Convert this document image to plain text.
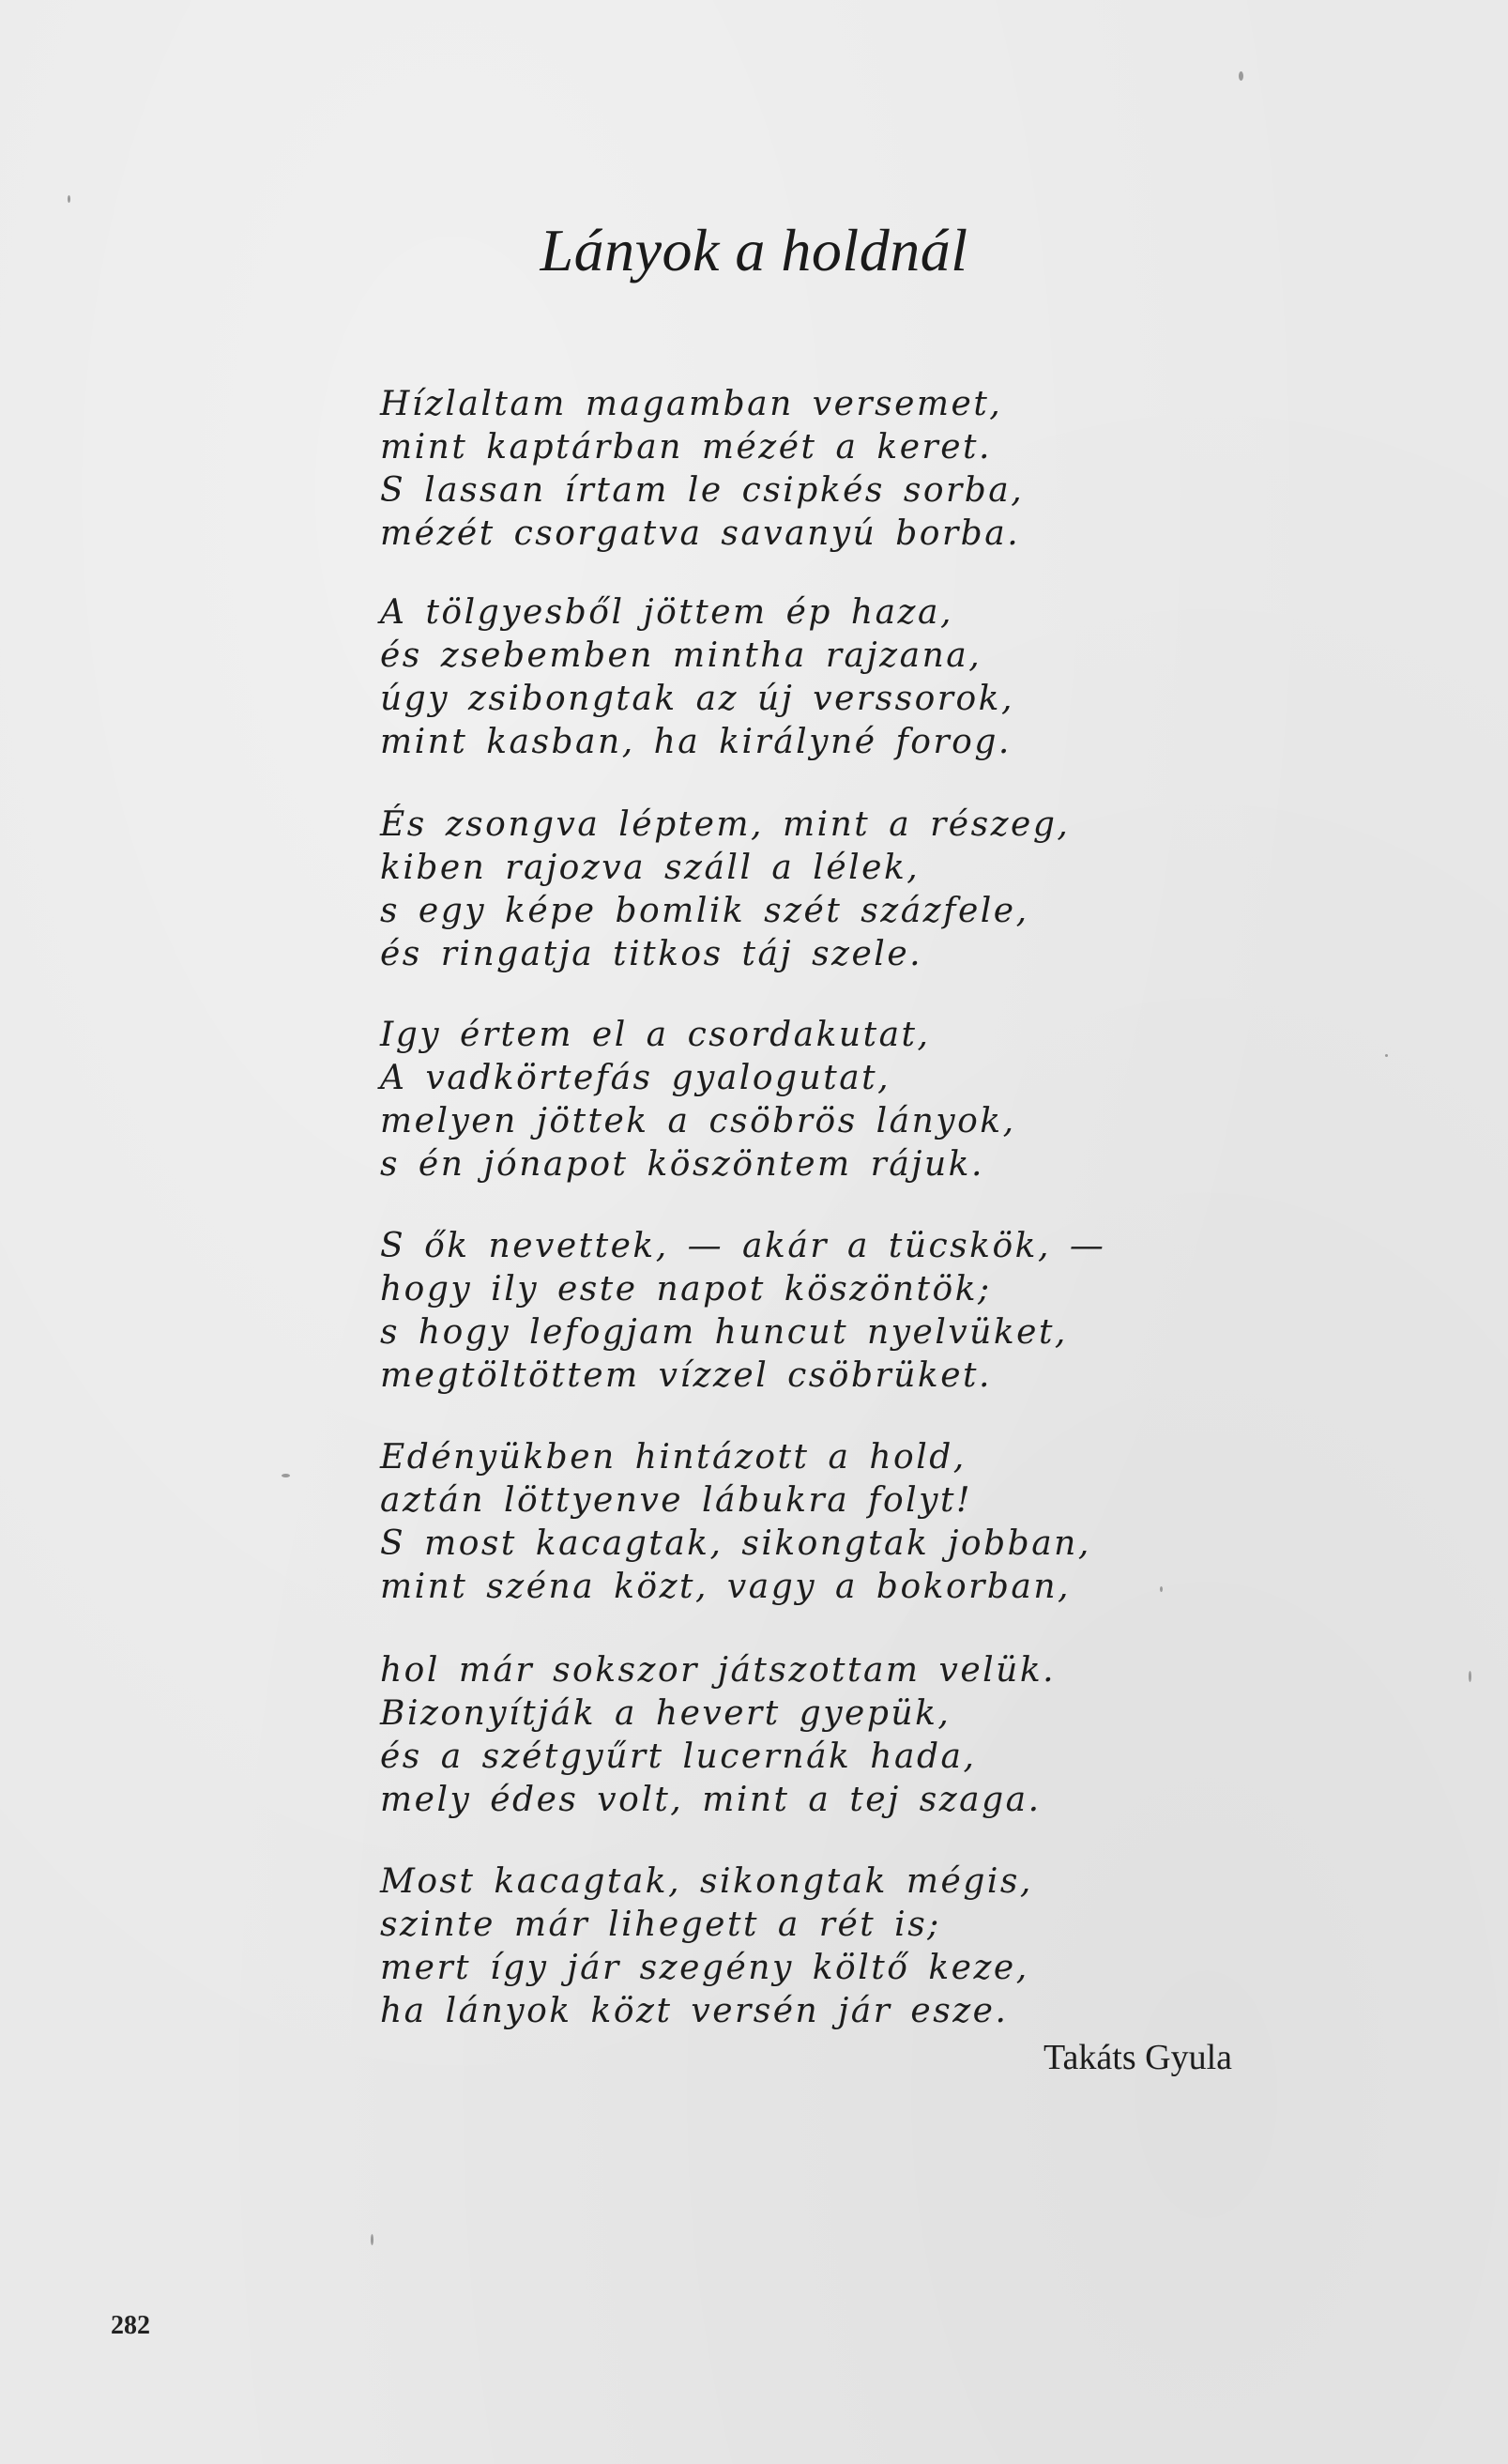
Lányok a holdnál
Hízlaltam magamban versemet,
mint kaptárban mézét a keret.
S lassan írtam le csipkés sorba,
mézét csorgatva savanyú borba.
A tölgyesből jöttem ép haza,
és zsebemben mintha rajzana,
úgy zsibongtak az új verssorok,
mint kasban, ha királyné forog.
És zsongva léptem, mint a részeg,
kiben rajozva száll a lélek,
s egy képe bomlik szét százfele,
és ringatja titkos táj szele.
Igy értem el a csordakutat,
A vadkörtefás gyalogutat,
melyen jöttek a csöbrös lányok,
s én jónapot köszöntem rájuk.
S ők nevettek, — akár a tücskök, —
hogy ily este napot köszöntök;
s hogy lefogjam huncut nyelvüket,
megtöltöttem vízzel csöbrüket.
Edényükben hintázott a hold,
aztán löttyenve lábukra folyt!
S most kacagtak, sikongtak jobban,
mint széna közt, vagy a bokorban,
hol már sokszor játszottam velük.
Bizonyítják a hevert gyepük,
és a szétgyűrt lucernák hada,
mely édes volt, mint a tej szaga.
Most kacagtak, sikongtak mégis,
szinte már lihegett a rét is;
mert így jár szegény költő keze,
ha lányok közt versén jár esze.
Takáts Gyula
282
